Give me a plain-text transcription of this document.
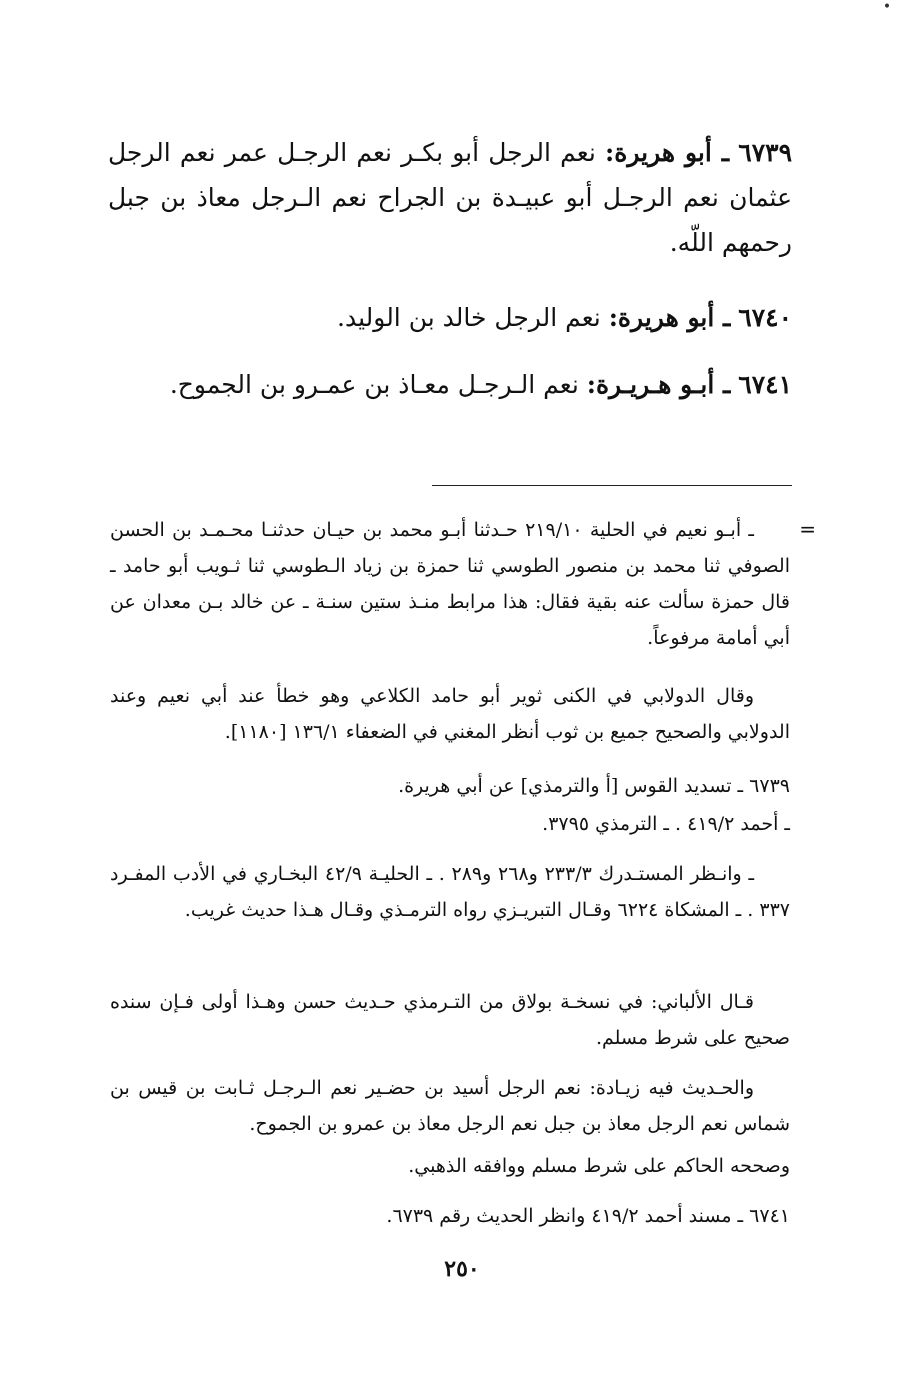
•

٦٧٣٩ ـ أبو هريرة: نعم الرجل أبو بكـر نعم الرجـل عمر نعم الرجل عثمان نعم الرجـل أبو عبيـدة بن الجراح نعم الـرجل معاذ بن جبل رحمهم اللّه.

٦٧٤٠ ـ أبو هريرة: نعم الرجل خالد بن الوليد.

٦٧٤١ ـ أبـو هـريـرة: نعم الـرجـل معـاذ بن عمـرو بن الجموح.

=

ـ أبـو نعيم في الحلية ٢١٩/١٠ حـدثنا أبـو محمد بن حيـان حدثنـا محـمـد بن الحسن الصوفي ثنا محمد بن منصور الطوسي ثنا حمزة بن زياد الـطوسي ثنا ثـويب أبو حامد ـ قال حمزة سألت عنه بقية فقال: هذا مرابط منـذ ستين سنـة ـ عن خالد بـن معدان عن أبي أمامة مرفوعاً.

وقال الدولابي في الكنى ثوير أبو حامد الكلاعي وهو خطأ عند أبي نعيم وعند الدولابي والصحيح جميع بن ثوب أنظر المغني في الضعفاء ١٣٦/١ [١١٨٠].

٦٧٣٩ ـ تسديد القوس [أ والترمذي] عن أبي هريرة.

ـ أحمد ٤١٩/٢ . ـ الترمذي ٣٧٩٥.

ـ وانـظر المستـدرك ٢٣٣/٣ و٢٦٨ و٢٨٩ . ـ الحليـة ٤٢/٩ البخـاري في الأدب المفـرد ٣٣٧ . ـ المشكاة ٦٢٢٤ وقـال التبريـزي رواه الترمـذي وقـال هـذا حديث غريب.

قـال الألباني: في نسخـة بولاق من التـرمذي حـديث حسن وهـذا أولى فـإن سنده صحيح على شرط مسلم.

والحـديث فيه زيـادة: نعم الرجل أسيد بن حضـير نعم الـرجـل ثـابت بن قيس بن شماس نعم الرجل معاذ بن جبل نعم الرجل معاذ بن عمرو بن الجموح.

وصححه الحاكم على شرط مسلم ووافقه الذهبي.

٦٧٤١ ـ مسند أحمد ٤١٩/٢ وانظر الحديث رقم ٦٧٣٩.

٢٥٠
